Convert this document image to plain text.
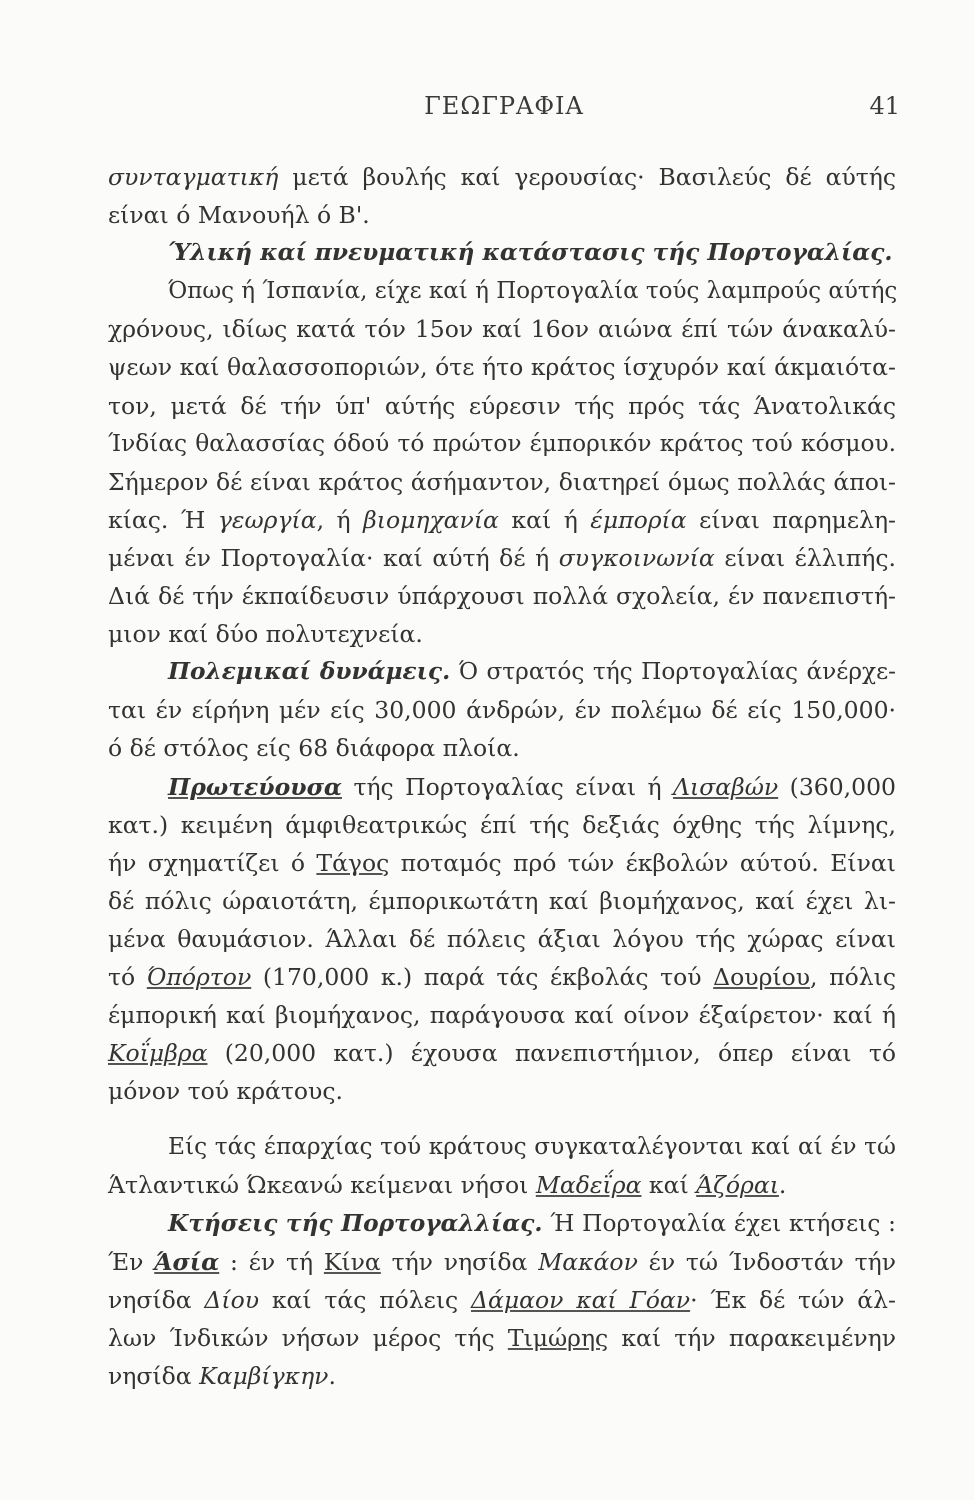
ΓΕΩΓΡΑΦΙΑ	41
συνταγματική μετά βουλής καί γερουσίας· Βασιλεύς δέ αύτής
είναι ό Μανουήλ ό Β'.
Ύλική καί πνευματική κατάστασις τής Πορτογαλίας.
Όπως ή Ίσπανία, είχε καί ή Πορτογαλία τούς λαμπρούς αύτής
χρόνους, ιδίως κατά τόν 15ον καί 16ον αιώνα έπί τών άνακαλύ-
ψεων καί θαλασσοποριών, ότε ήτο κράτος ίσχυρόν καί άκμαιότα-
τον, μετά δέ τήν ύπ' αύτής εύρεσιν τής πρός τάς Άνατολικάς
Ίνδίας θαλασσίας όδού τό πρώτον έμπορικόν κράτος τού κόσμου.
Σήμερον δέ είναι κράτος άσήμαντον, διατηρεί όμως πολλάς άποι-
κίας. Ή γεωργία, ή βιομηχανία καί ή έμπορία είναι παρημελη-
μέναι έν Πορτογαλία· καί αύτή δέ ή συγκοινωνία είναι έλλιπής.
Διά δέ τήν έκπαίδευσιν ύπάρχουσι πολλά σχολεία, έν πανεπιστή-
μιον καί δύο πολυτεχνεία.
Πολεμικαί δυνάμεις. Ό στρατός τής Πορτογαλίας άνέρχε-
ται έν είρήνη μέν είς 30,000 άνδρών, έν πολέμω δέ είς 150,000·
ό δέ στόλος είς 68 διάφορα πλοία.
Πρωτεύουσα τής Πορτογαλίας είναι ή Λισαβών (360,000
κατ.) κειμένη άμφιθεατρικώς έπί τής δεξιάς όχθης τής λίμνης,
ήν σχηματίζει ό Τάγος ποταμός πρό τών έκβολών αύτού. Είναι
δέ πόλις ώραιοτάτη, έμπορικωτάτη καί βιομήχανος, καί έχει λι-
μένα θαυμάσιον. Άλλαι δέ πόλεις άξιαι λόγου τής χώρας είναι
τό Όπόρτον (170,000 κ.) παρά τάς έκβολάς τού Δουρίου, πόλις
έμπορική καί βιομήχανος, παράγουσα καί οίνον έξαίρετον· καί ή
Κοΐμβρα (20,000 κατ.) έχουσα πανεπιστήμιον, όπερ είναι τό
μόνον τού κράτους.
Είς τάς έπαρχίας τού κράτους συγκαταλέγονται καί αί έν τώ
Άτλαντικώ Ώκεανώ κείμεναι νήσοι Μαδεΐρα καί Άζόραι.
Κτήσεις τής Πορτογαλλίας. Ή Πορτογαλία έχει κτήσεις :
Έν Άσία : έν τή Κίνα τήν νησίδα Μακάον έν τώ Ίνδοστάν τήν
νησίδα Δίου καί τάς πόλεις Δάμαον καί Γόαν· Έκ δέ τών άλ-
λων Ίνδικών νήσων μέρος τής Τιμώρης καί τήν παρακειμένην
νησίδα Καμβίγκην.
